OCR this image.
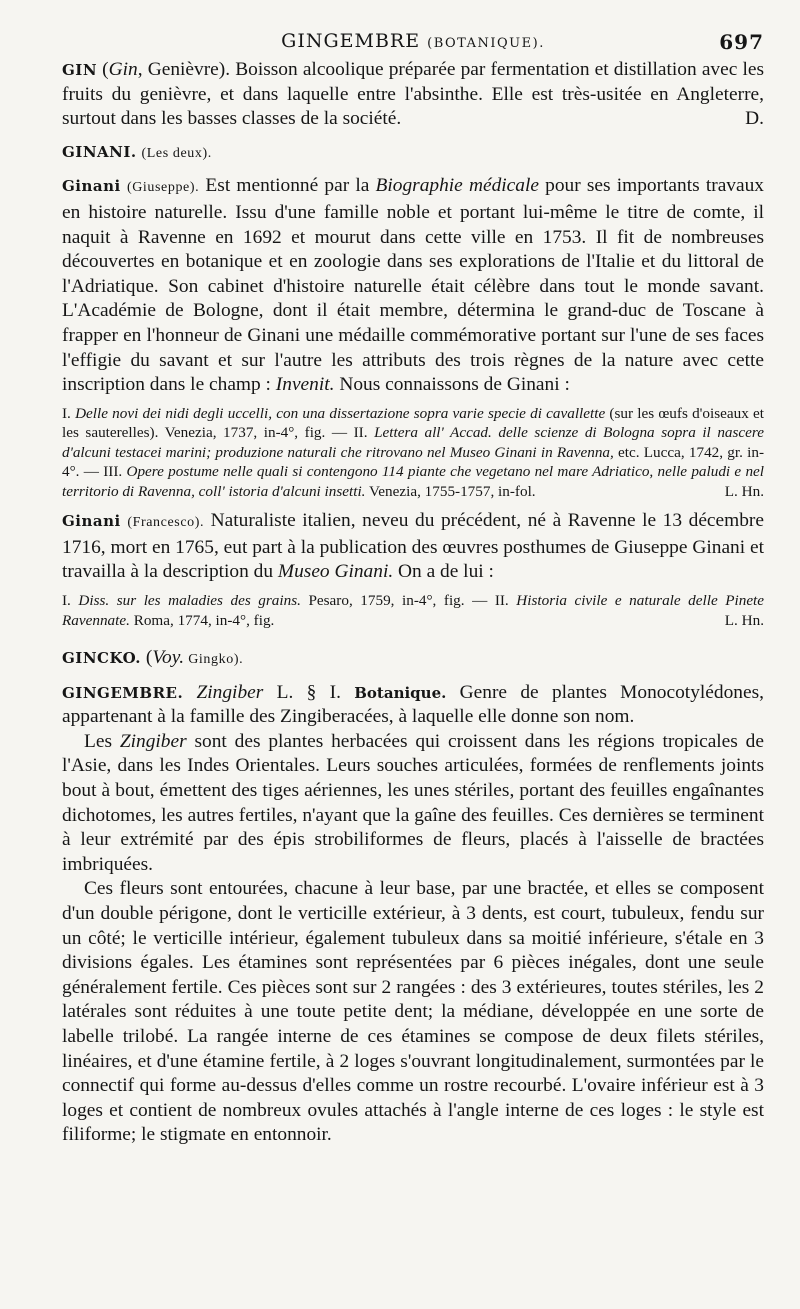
GINGEMBRE (BOTANIQUE).	697

GIN (Gin, Genièvre). Boisson alcoolique préparée par fermentation et distillation avec les fruits du genièvre, et dans laquelle entre l'absinthe. Elle est très-usitée en Angleterre, surtout dans les basses classes de la société.	D.

GINANI. (Les deux).

Ginani (Giuseppe). Est mentionné par la Biographie médicale pour ses importants travaux en histoire naturelle. Issu d'une famille noble et portant lui-même le titre de comte, il naquit à Ravenne en 1692 et mourut dans cette ville en 1753. Il fit de nombreuses découvertes en botanique et en zoologie dans ses explorations de l'Italie et du littoral de l'Adriatique. Son cabinet d'histoire naturelle était célèbre dans tout le monde savant. L'Académie de Bologne, dont il était membre, détermina le grand-duc de Toscane à frapper en l'honneur de Ginani une médaille commémorative portant sur l'une de ses faces l'effigie du savant et sur l'autre les attributs des trois règnes de la nature avec cette inscription dans le champ : Invenit. Nous connaissons de Ginani :

I. Delle novi dei nidi degli uccelli, con una dissertazione sopra varie specie di cavallette (sur les œufs d'oiseaux et les sauterelles). Venezia, 1737, in-4°, fig. — II. Lettera all' Accad. delle scienze di Bologna sopra il nascere d'alcuni testacei marini; produzione naturali che ritrovano nel Museo Ginani in Ravenna, etc. Lucca, 1742, gr. in-4°. — III. Opere postume nelle quali si contengono 114 piante che vegetano nel mare Adriatico, nelle paludi e nel territorio di Ravenna, coll' istoria d'alcuni insetti. Venezia, 1755-1757, in-fol.	L. Hn.

Ginani (Francesco). Naturaliste italien, neveu du précédent, né à Ravenne le 13 décembre 1716, mort en 1765, eut part à la publication des œuvres posthumes de Giuseppe Ginani et travailla à la description du Museo Ginani. On a de lui :

I. Diss. sur les maladies des grains. Pesaro, 1759, in-4°, fig. — II. Historia civile e naturale delle Pinete Ravennate. Roma, 1774, in-4°, fig.	L. Hn.

GINCKO. (Voy. Gingko).

GINGEMBRE. Zingiber L. § I. Botanique. Genre de plantes Monocotylédones, appartenant à la famille des Zingiberacées, à laquelle elle donne son nom.

Les Zingiber sont des plantes herbacées qui croissent dans les régions tropicales de l'Asie, dans les Indes Orientales. Leurs souches articulées, formées de renflements joints bout à bout, émettent des tiges aériennes, les unes stériles, portant des feuilles engaînantes dichotomes, les autres fertiles, n'ayant que la gaîne des feuilles. Ces dernières se terminent à leur extrémité par des épis strobiliformes de fleurs, placés à l'aisselle de bractées imbriquées.

Ces fleurs sont entourées, chacune à leur base, par une bractée, et elles se composent d'un double périgone, dont le verticille extérieur, à 3 dents, est court, tubuleux, fendu sur un côté; le verticille intérieur, également tubuleux dans sa moitié inférieure, s'étale en 3 divisions égales. Les étamines sont représentées par 6 pièces inégales, dont une seule généralement fertile. Ces pièces sont sur 2 rangées : des 3 extérieures, toutes stériles, les 2 latérales sont réduites à une toute petite dent; la médiane, développée en une sorte de labelle trilobé. La rangée interne de ces étamines se compose de deux filets stériles, linéaires, et d'une étamine fertile, à 2 loges s'ouvrant longitudinalement, surmontées par le connectif qui forme au-dessus d'elles comme un rostre recourbé. L'ovaire inférieur est à 3 loges et contient de nombreux ovules attachés à l'angle interne de ces loges : le style est filiforme; le stigmate en entonnoir.
